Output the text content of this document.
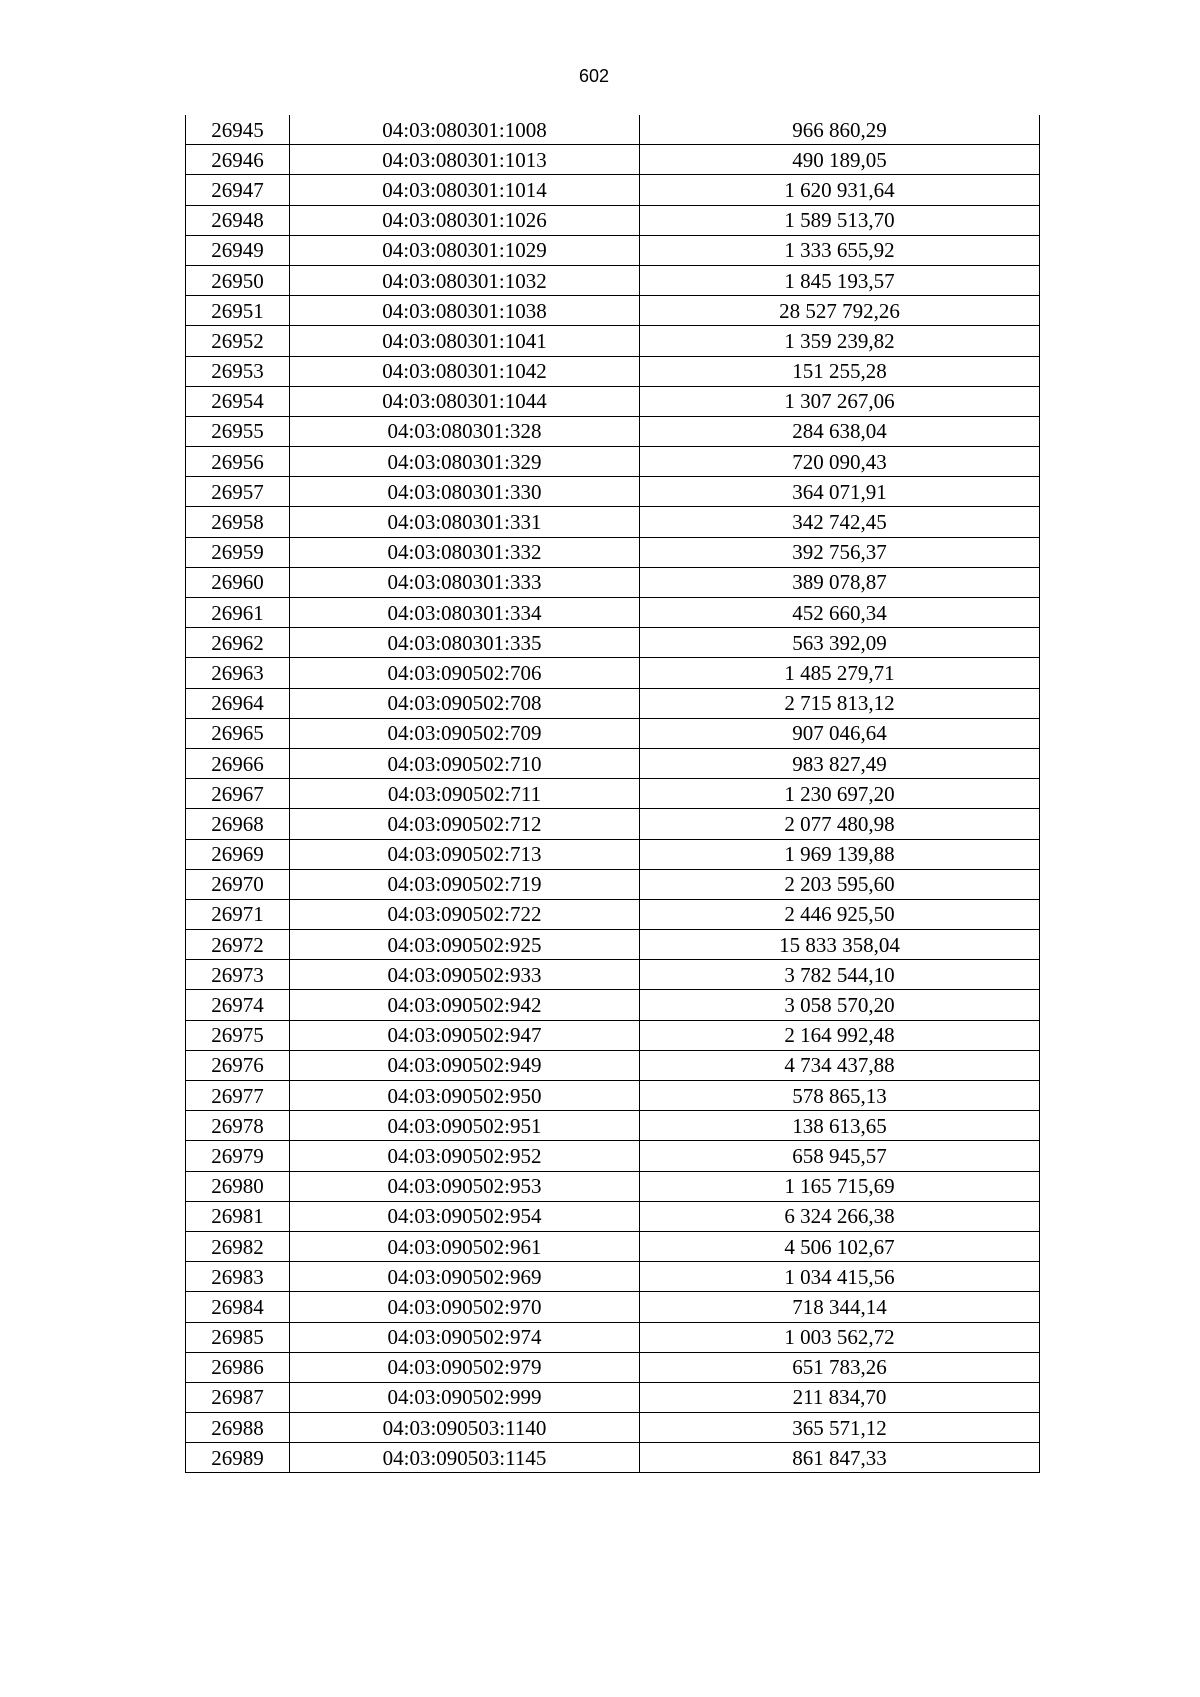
602
26945	04:03:080301:1008	966 860,29
26946	04:03:080301:1013	490 189,05
26947	04:03:080301:1014	1 620 931,64
26948	04:03:080301:1026	1 589 513,70
26949	04:03:080301:1029	1 333 655,92
26950	04:03:080301:1032	1 845 193,57
26951	04:03:080301:1038	28 527 792,26
26952	04:03:080301:1041	1 359 239,82
26953	04:03:080301:1042	151 255,28
26954	04:03:080301:1044	1 307 267,06
26955	04:03:080301:328	284 638,04
26956	04:03:080301:329	720 090,43
26957	04:03:080301:330	364 071,91
26958	04:03:080301:331	342 742,45
26959	04:03:080301:332	392 756,37
26960	04:03:080301:333	389 078,87
26961	04:03:080301:334	452 660,34
26962	04:03:080301:335	563 392,09
26963	04:03:090502:706	1 485 279,71
26964	04:03:090502:708	2 715 813,12
26965	04:03:090502:709	907 046,64
26966	04:03:090502:710	983 827,49
26967	04:03:090502:711	1 230 697,20
26968	04:03:090502:712	2 077 480,98
26969	04:03:090502:713	1 969 139,88
26970	04:03:090502:719	2 203 595,60
26971	04:03:090502:722	2 446 925,50
26972	04:03:090502:925	15 833 358,04
26973	04:03:090502:933	3 782 544,10
26974	04:03:090502:942	3 058 570,20
26975	04:03:090502:947	2 164 992,48
26976	04:03:090502:949	4 734 437,88
26977	04:03:090502:950	578 865,13
26978	04:03:090502:951	138 613,65
26979	04:03:090502:952	658 945,57
26980	04:03:090502:953	1 165 715,69
26981	04:03:090502:954	6 324 266,38
26982	04:03:090502:961	4 506 102,67
26983	04:03:090502:969	1 034 415,56
26984	04:03:090502:970	718 344,14
26985	04:03:090502:974	1 003 562,72
26986	04:03:090502:979	651 783,26
26987	04:03:090502:999	211 834,70
26988	04:03:090503:1140	365 571,12
26989	04:03:090503:1145	861 847,33
